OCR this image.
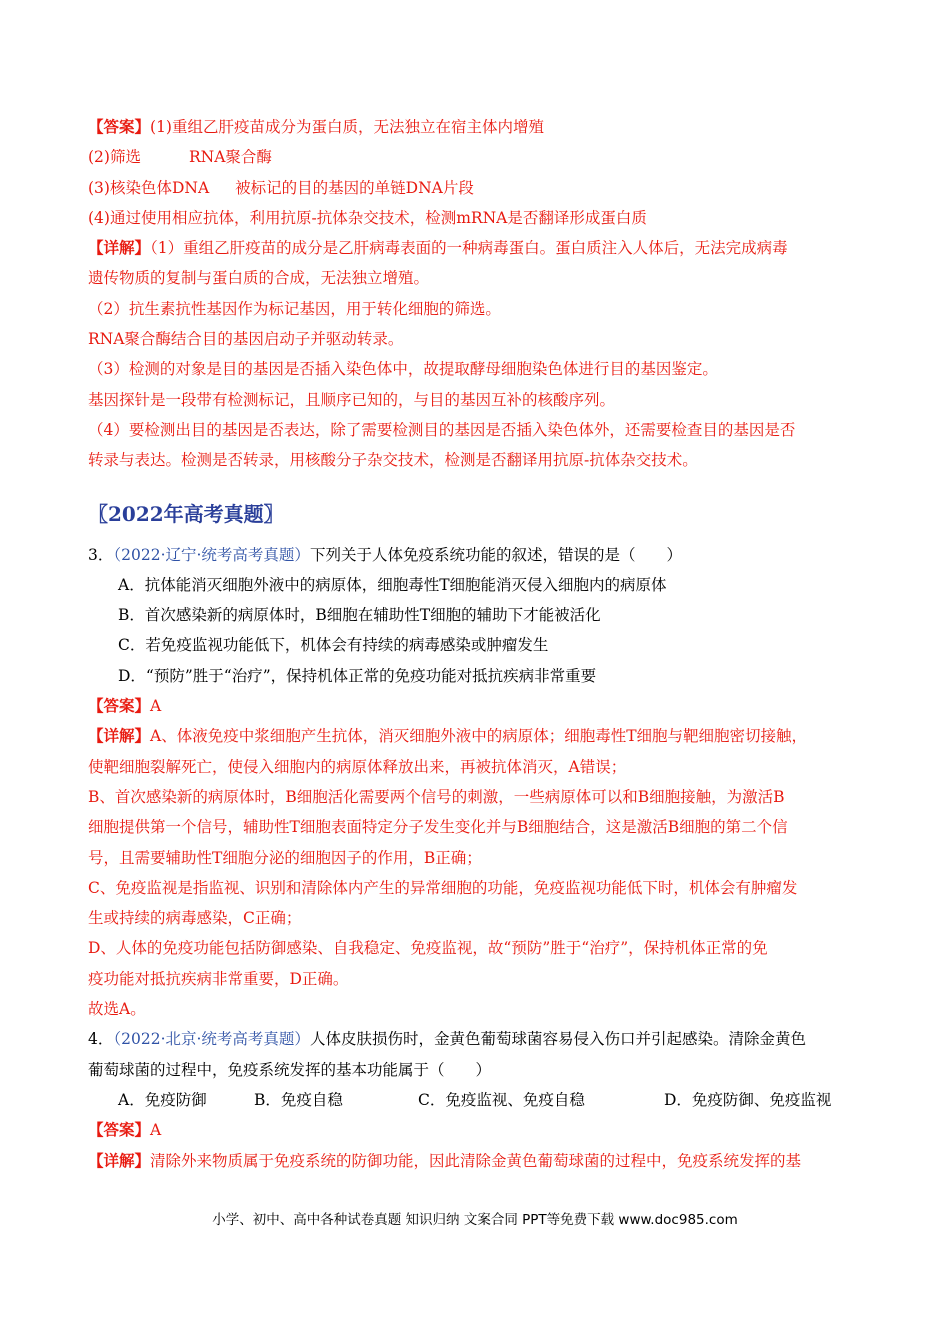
【答案】(1)重组乙肝疫苗成分为蛋白质，无法独立在宿主体内增殖
(2)筛选	RNA聚合酶
(3)核染色体DNA 被标记的目的基因的单链DNA片段
(4)通过使用相应抗体，利用抗原-抗体杂交技术，检测mRNA是否翻译形成蛋白质
【详解】（1）重组乙肝疫苗的成分是乙肝病毒表面的一种病毒蛋白。蛋白质注入人体后，无法完成病毒
遗传物质的复制与蛋白质的合成，无法独立增殖。
（2）抗生素抗性基因作为标记基因，用于转化细胞的筛选。
RNA聚合酶结合目的基因启动子并驱动转录。
（3）检测的对象是目的基因是否插入染色体中，故提取酵母细胞染色体进行目的基因鉴定。
基因探针是一段带有检测标记，且顺序已知的，与目的基因互补的核酸序列。
（4）要检测出目的基因是否表达，除了需要检测目的基因是否插入染色体外，还需要检查目的基因是否
转录与表达。检测是否转录，用核酸分子杂交技术，检测是否翻译用抗原-抗体杂交技术。
〖2022年高考真题〗
3．（2022·辽宁·统考高考真题）下列关于人体免疫系统功能的叙述，错误的是（　　）
A．抗体能消灭细胞外液中的病原体，细胞毒性T细胞能消灭侵入细胞内的病原体
B．首次感染新的病原体时，B细胞在辅助性T细胞的辅助下才能被活化
C．若免疫监视功能低下，机体会有持续的病毒感染或肿瘤发生
D．“预防”胜于“治疗”，保持机体正常的免疫功能对抵抗疾病非常重要
【答案】A
【详解】A、体液免疫中浆细胞产生抗体，消灭细胞外液中的病原体；细胞毒性T细胞与靶细胞密切接触，
使靶细胞裂解死亡，使侵入细胞内的病原体释放出来，再被抗体消灭，A错误；
B、首次感染新的病原体时，B细胞活化需要两个信号的刺激，一些病原体可以和B细胞接触，为激活B
细胞提供第一个信号，辅助性T细胞表面特定分子发生变化并与B细胞结合，这是激活B细胞的第二个信
号，且需要辅助性T细胞分泌的细胞因子的作用，B正确；
C、免疫监视是指监视、识别和清除体内产生的异常细胞的功能，免疫监视功能低下时，机体会有肿瘤发
生或持续的病毒感染，C正确；
D、人体的免疫功能包括防御感染、自我稳定、免疫监视，故“预防”胜于“治疗”，保持机体正常的免
疫功能对抵抗疾病非常重要，D正确。
故选A。
4．（2022·北京·统考高考真题）人体皮肤损伤时，金黄色葡萄球菌容易侵入伤口并引起感染。清除金黄色
葡萄球菌的过程中，免疫系统发挥的基本功能属于（　　）
A．免疫防御	B．免疫自稳	C．免疫监视、免疫自稳	D．免疫防御、免疫监视
【答案】A
【详解】清除外来物质属于免疫系统的防御功能，因此清除金黄色葡萄球菌的过程中，免疫系统发挥的基
小学、初中、高中各种试卷真题 知识归纳 文案合同 PPT等免费下载 www.doc985.com
